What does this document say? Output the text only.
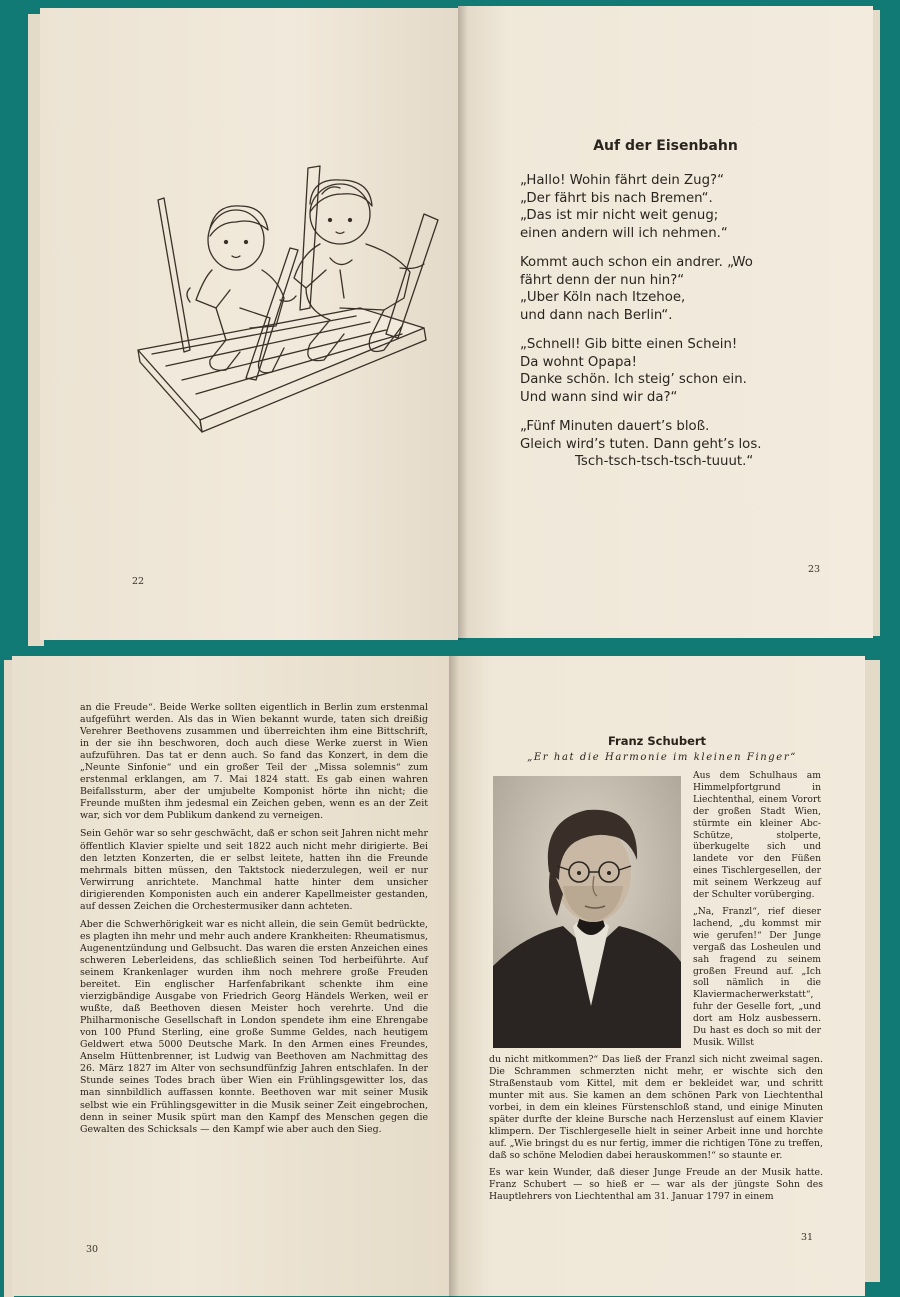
22
Auf der Eisenbahn
„Hallo! Wohin fährt dein Zug?“
„Der fährt bis nach Bremen“.
„Das ist mir nicht weit genug;
einen andern will ich nehmen.“
Kommt auch schon ein andrer. „Wo
fährt denn der nun hin?“
„Uber Köln nach Itzehoe,
und dann nach Berlin“.
„Schnell! Gib bitte einen Schein!
Da wohnt Opapa!
Danke schön. Ich steig’ schon ein.
Und wann sind wir da?“
„Fünf Minuten dauert’s bloß.
Gleich wird’s tuten. Dann geht’s los.
Tsch-tsch-tsch-tsch-tuuut.“
23

an die Freude“. Beide Werke sollten eigentlich in Berlin zum erstenmal aufgeführt werden. Als das in Wien bekannt wurde, taten sich dreißig Verehrer Beethovens zusammen und überreichten ihm eine Bittschrift, in der sie ihn beschworen, doch auch diese Werke zuerst in Wien aufzuführen. Das tat er denn auch. So fand das Konzert, in dem die „Neunte Sinfonie“ und ein großer Teil der „Missa solemnis“ zum erstenmal erklangen, am 7. Mai 1824 statt. Es gab einen wahren Beifallssturm, aber der umjubelte Komponist hörte ihn nicht; die Freunde mußten ihm jedesmal ein Zeichen geben, wenn es an der Zeit war, sich vor dem Publikum dankend zu verneigen.

Sein Gehör war so sehr geschwächt, daß er schon seit Jahren nicht mehr öffentlich Klavier spielte und seit 1822 auch nicht mehr dirigierte. Bei den letzten Konzerten, die er selbst leitete, hatten ihn die Freunde mehrmals bitten müssen, den Taktstock niederzulegen, weil er nur Verwirrung anrichtete. Manchmal hatte hinter dem unsicher dirigierenden Komponisten auch ein anderer Kapellmeister gestanden, auf dessen Zeichen die Orchestermusiker dann achteten.

Aber die Schwerhörigkeit war es nicht allein, die sein Gemüt bedrückte, es plagten ihn mehr und mehr auch andere Krankheiten: Rheumatismus, Augenentzündung und Gelbsucht. Das waren die ersten Anzeichen eines schweren Leberleidens, das schließlich seinen Tod herbeiführte. Auf seinem Krankenlager wurden ihm noch mehrere große Freuden bereitet. Ein englischer Harfenfabrikant schenkte ihm eine vierzigbändige Ausgabe von Friedrich Georg Händels Werken, weil er wußte, daß Beethoven diesen Meister hoch verehrte. Und die Philharmonische Gesellschaft in London spendete ihm eine Ehrengabe von 100 Pfund Sterling, eine große Summe Geldes, nach heutigem Geldwert etwa 5000 Deutsche Mark. In den Armen eines Freundes, Anselm Hüttenbrenner, ist Ludwig van Beethoven am Nachmittag des 26. März 1827 im Alter von sechsundfünfzig Jahren entschlafen. In der Stunde seines Todes brach über Wien ein Frühlingsgewitter los, das man sinnbildlich auffassen konnte. Beethoven war mit seiner Musik selbst wie ein Frühlingsgewitter in die Musik seiner Zeit eingebrochen, denn in seiner Musik spürt man den Kampf des Menschen gegen die Gewalten des Schicksals — den Kampf wie aber auch den Sieg.

30
Franz Schubert
„Er hat die Harmonie im kleinen Finger“

Aus dem Schulhaus am Himmelpfortgrund in Liechtenthal, einem Vorort der großen Stadt Wien, stürmte ein kleiner Abc-Schütze, stolperte, überkugelte sich und landete vor den Füßen eines Tischlergesellen, der mit seinem Werkzeug auf der Schulter vorüberging.

„Na, Franzl“, rief dieser lachend, „du kommst mir wie gerufen!“ Der Junge vergaß das Losheulen und sah fragend zu seinem großen Freund auf. „Ich soll nämlich in die Klaviermacherwerkstatt“, fuhr der Geselle fort, „und dort am Holz ausbessern. Du hast es doch so mit der Musik. Willst

du nicht mitkommen?“ Das ließ der Franzl sich nicht zweimal sagen. Die Schrammen schmerzten nicht mehr, er wischte sich den Straßenstaub vom Kittel, mit dem er bekleidet war, und schritt munter mit aus. Sie kamen an dem schönen Park von Liechtenthal vorbei, in dem ein kleines Fürstenschloß stand, und einige Minuten später durfte der kleine Bursche nach Herzenslust auf einem Klavier klimpern. Der Tischlergeselle hielt in seiner Arbeit inne und horchte auf. „Wie bringst du es nur fertig, immer die richtigen Töne zu treffen, daß so schöne Melodien dabei herauskommen!“ so staunte er.

Es war kein Wunder, daß dieser Junge Freude an der Musik hatte. Franz Schubert — so hieß er — war als der jüngste Sohn des Hauptlehrers von Liechtenthal am 31. Januar 1797 in einem

31
